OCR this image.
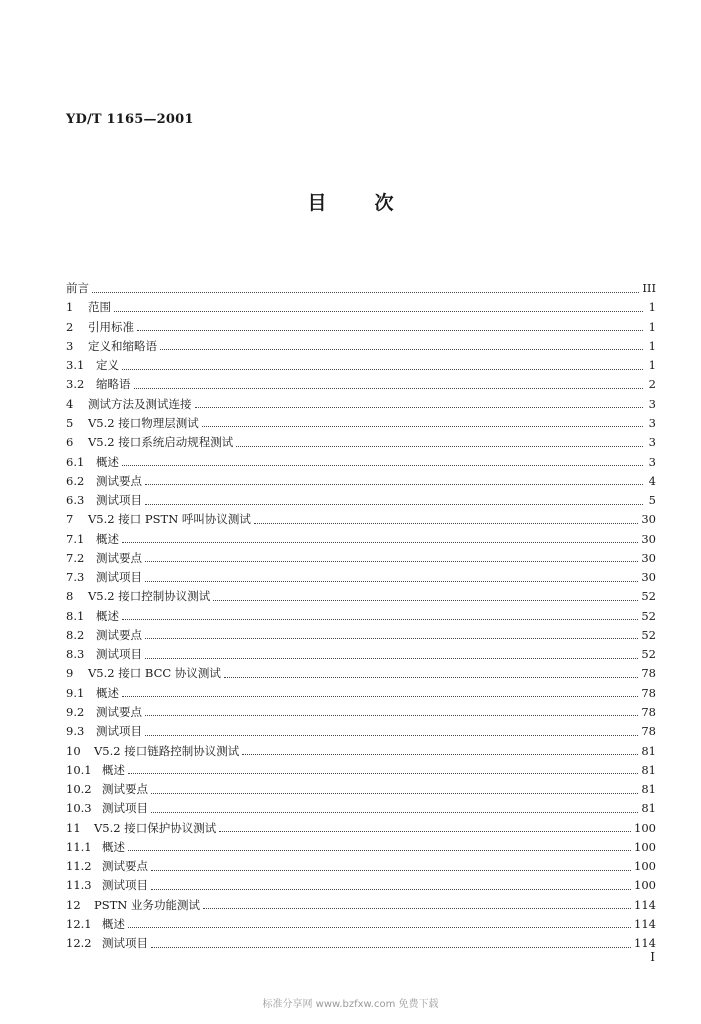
YD/T 1165—2001
目	次
前言	III
1	范围	1
2	引用标准	1
3	定义和缩略语	1
3.1	定义	1
3.2	缩略语	2
4	测试方法及测试连接	3
5	V5.2 接口物理层测试	3
6	V5.2 接口系统启动规程测试	3
6.1	概述	3
6.2	测试要点	4
6.3	测试项目	5
7	V5.2 接口 PSTN 呼叫协议测试	30
7.1	概述	30
7.2	测试要点	30
7.3	测试项目	30
8	V5.2 接口控制协议测试	52
8.1	概述	52
8.2	测试要点	52
8.3	测试项目	52
9	V5.2 接口 BCC 协议测试	78
9.1	概述	78
9.2	测试要点	78
9.3	测试项目	78
10	V5.2 接口链路控制协议测试	81
10.1 概述	81
10.2 测试要点	81
10.3 测试项目	81
11	V5.2 接口保护协议测试	100
11.1 概述	100
11.2 测试要点	100
11.3 测试项目	100
12	PSTN 业务功能测试	114
12.1 概述	114
12.2 测试项目	114
I
标准分享网 www.bzfxw.com 免费下载
